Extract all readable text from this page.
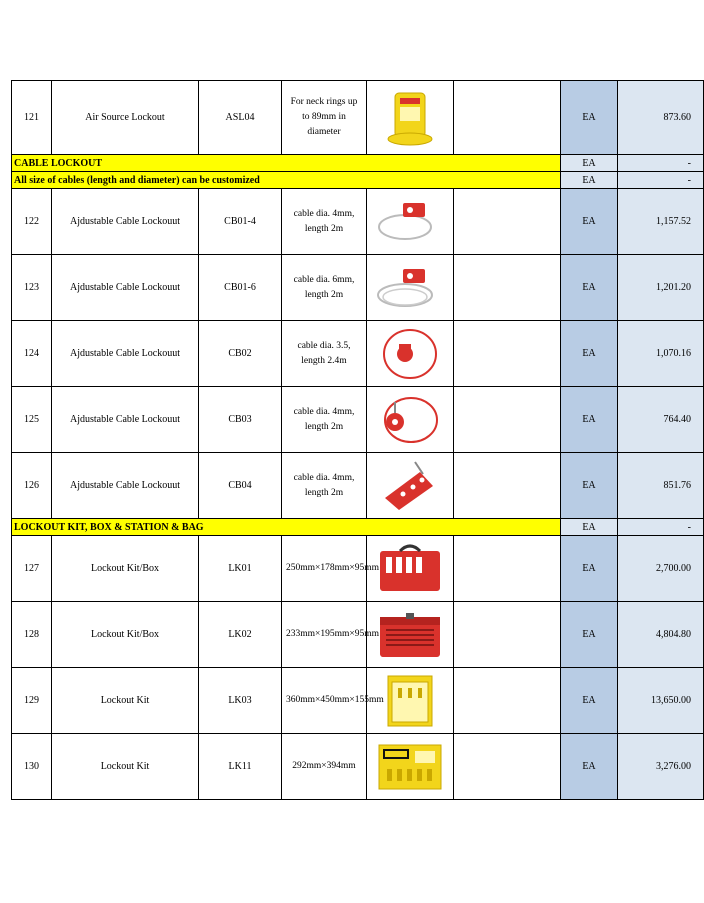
121	Air Source Lockout	ASL04	For neck rings up to 89mm in diameter			EA	873.60
CABLE LOCKOUT						EA	-
All size of cables (length and diameter) can be customized						EA	-
122	Ajdustable Cable Lockouut	CB01-4	cable dia. 4mm, length 2m			EA	1,157.52
123	Ajdustable Cable Lockouut	CB01-6	cable dia. 6mm, length 2m			EA	1,201.20
124	Ajdustable Cable Lockouut	CB02	cable dia. 3.5, length 2.4m			EA	1,070.16
125	Ajdustable Cable Lockouut	CB03	cable dia. 4mm, length 2m			EA	764.40
126	Ajdustable Cable Lockouut	CB04	cable dia. 4mm, length 2m			EA	851.76
LOCKOUT KIT, BOX & STATION & BAG						EA	-
127	Lockout Kit/Box	LK01	250mm×178mm×95mm			EA	2,700.00
128	Lockout Kit/Box	LK02	233mm×195mm×95mm			EA	4,804.80
129	Lockout Kit	LK03	360mm×450mm×155mm			EA	13,650.00
130	Lockout Kit	LK11	292mm×394mm			EA	3,276.00
